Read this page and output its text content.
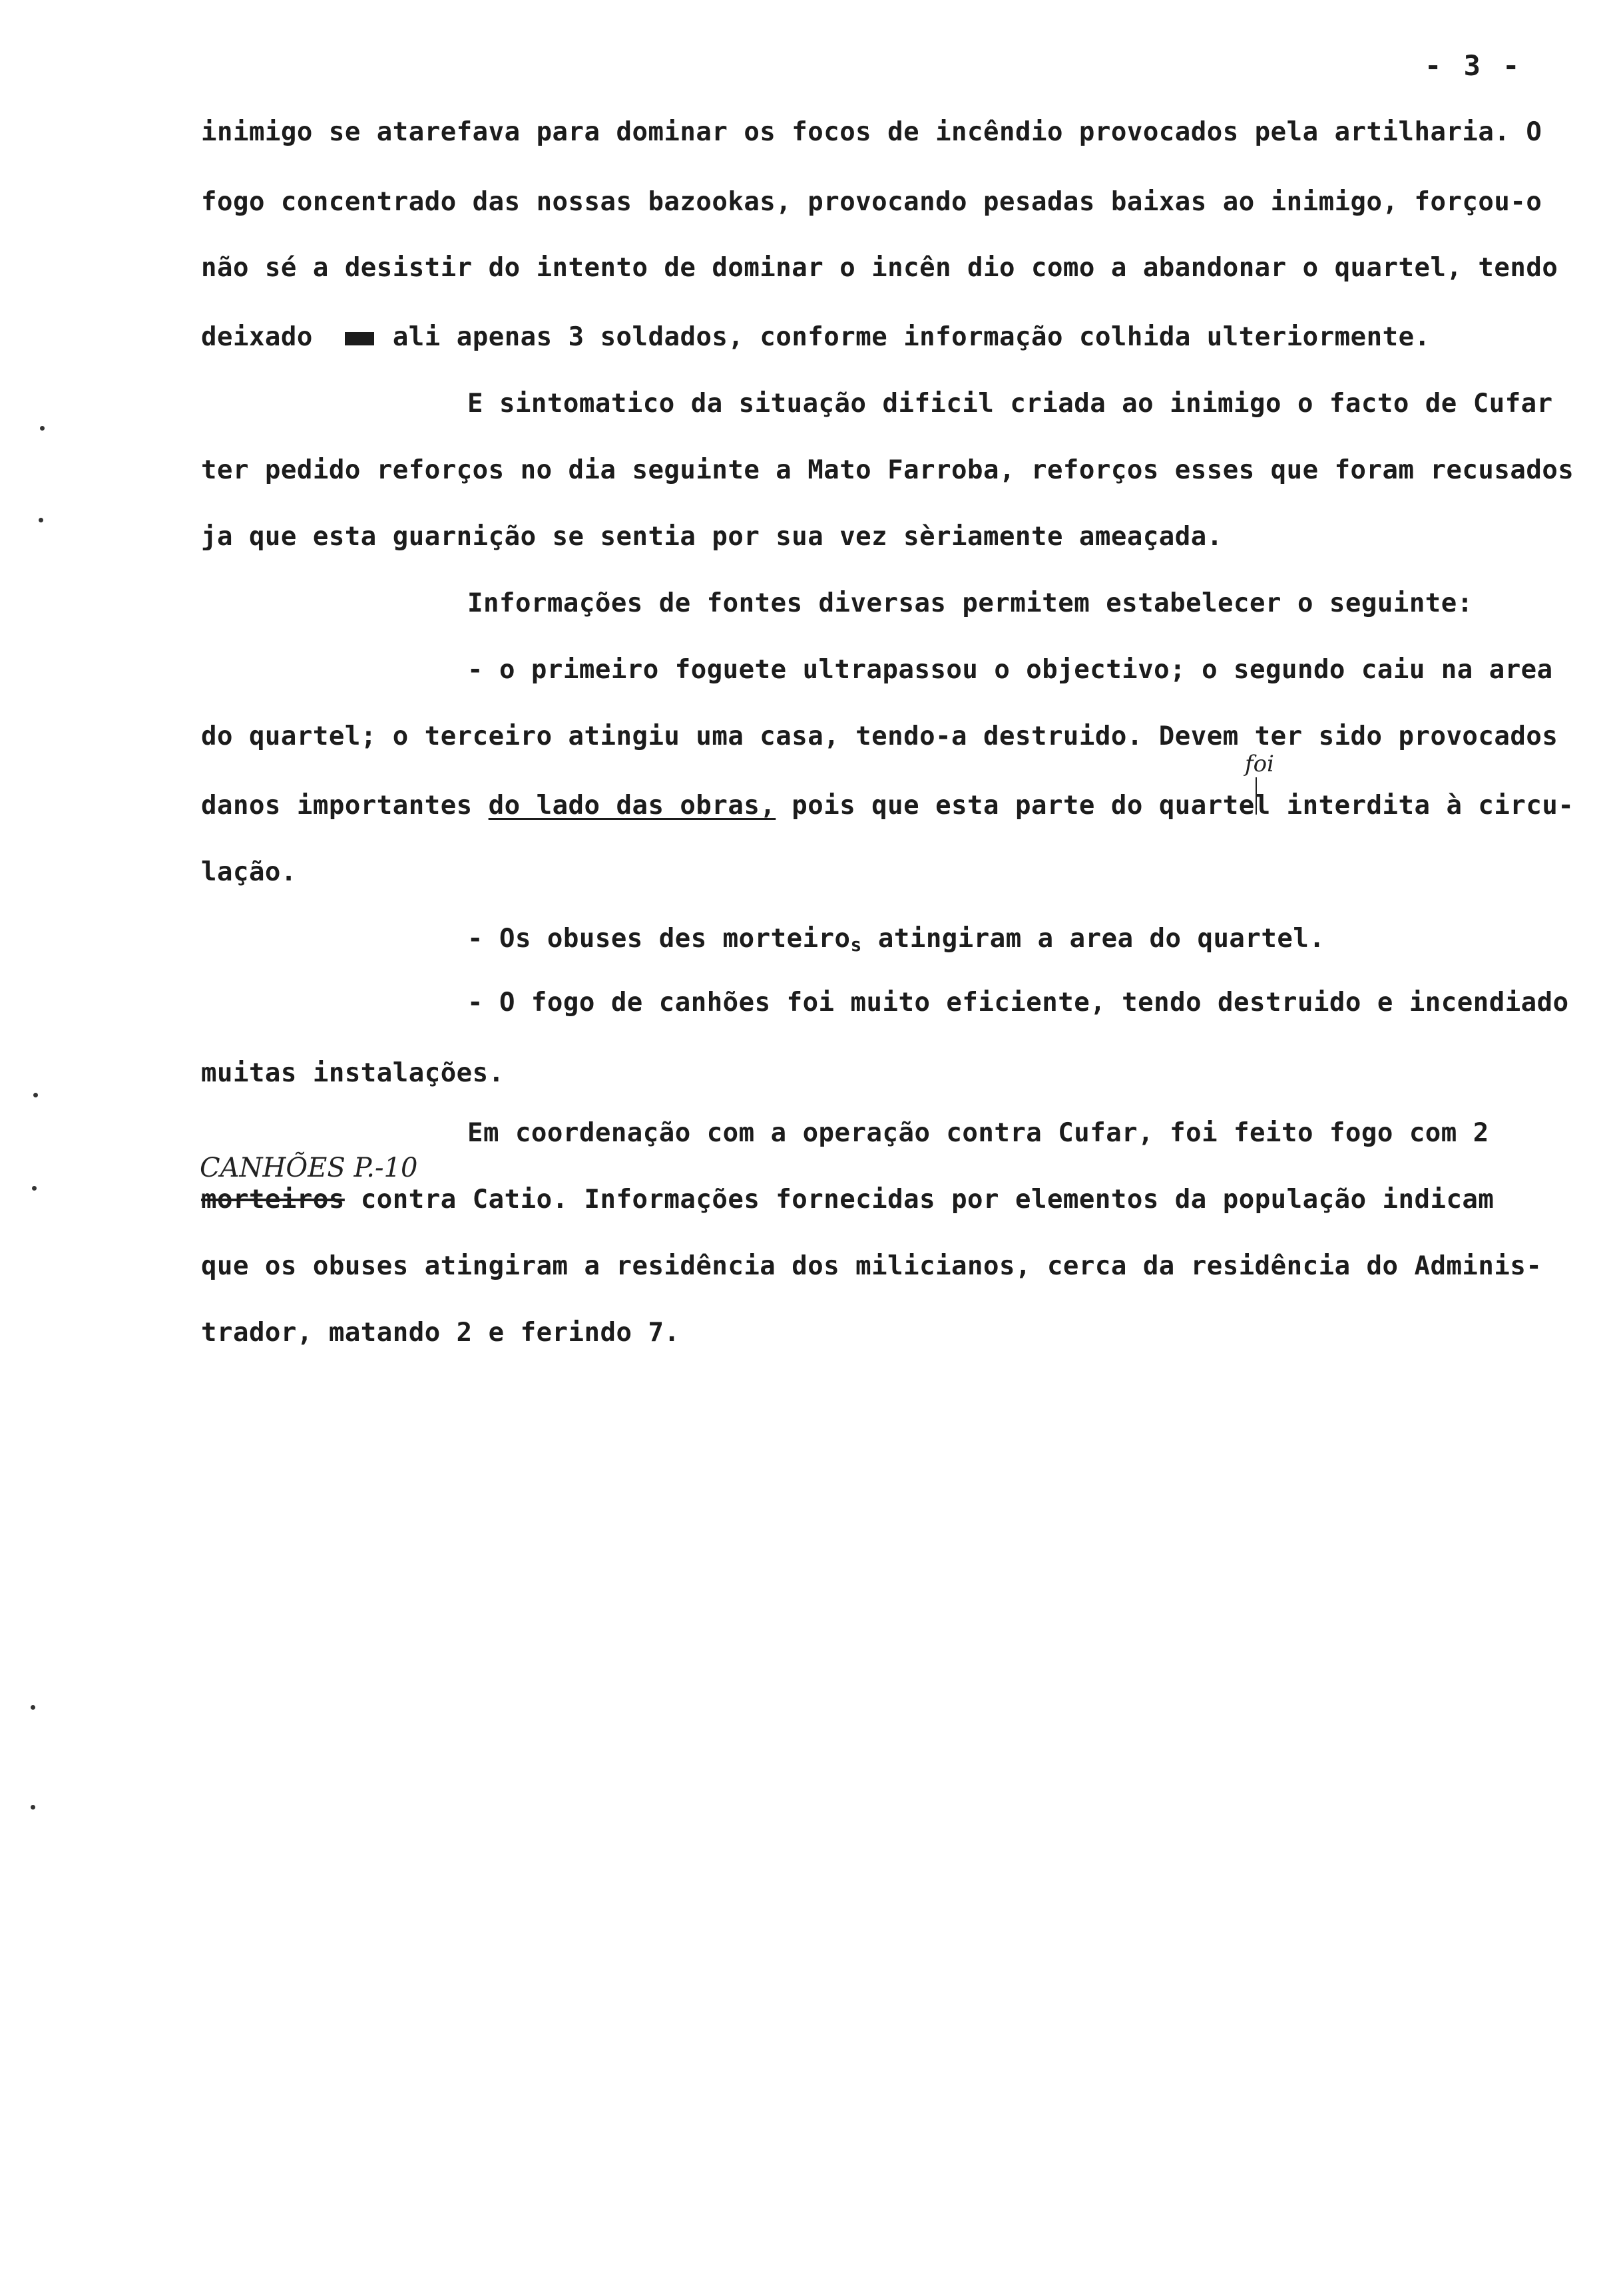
- 3 -
inimigo se atarefava para dominar os focos de incêndio provocados pela artilharia. O
fogo concentrado das nossas bazookas, provocando pesadas baixas ao inimigo, forçou-o
não sé a desistir do intento de dominar o incên dio como a abandonar o quartel, tendo
deixado	ali apenas 3 soldados, conforme informação colhida ulteriormente.
E sintomatico da situação dificil criada ao inimigo o facto de Cufar
ter pedido reforços no dia seguinte a Mato Farroba, reforços esses que foram recusados
ja que esta guarnição se sentia por sua vez sèriamente ameaçada.
Informações de fontes diversas permitem estabelecer o seguinte:
- o primeiro foguete ultrapassou o objectivo; o segundo caiu na area
do quartel; o terceiro atingiu uma casa, tendo-a destruido. Devem ter sido provocados
danos importantes do lado das obras, pois que esta parte do quartel interdita à circu-
lação.
- Os obuses des morteiro$_s$ atingiram a area do quartel.
- O fogo de canhões foi muito eficiente, tendo destruido e incendiado
muitas instalações.
Em coordenação com a operação contra Cufar, foi feito fogo com 2
morteiros contra Catio. Informações fornecidas por elementos da população indicam
que os obuses atingiram a residência dos milicianos, cerca da residência do Adminis-
trador, matando 2 e ferindo 7.
foi
CANHÕES P.-10
